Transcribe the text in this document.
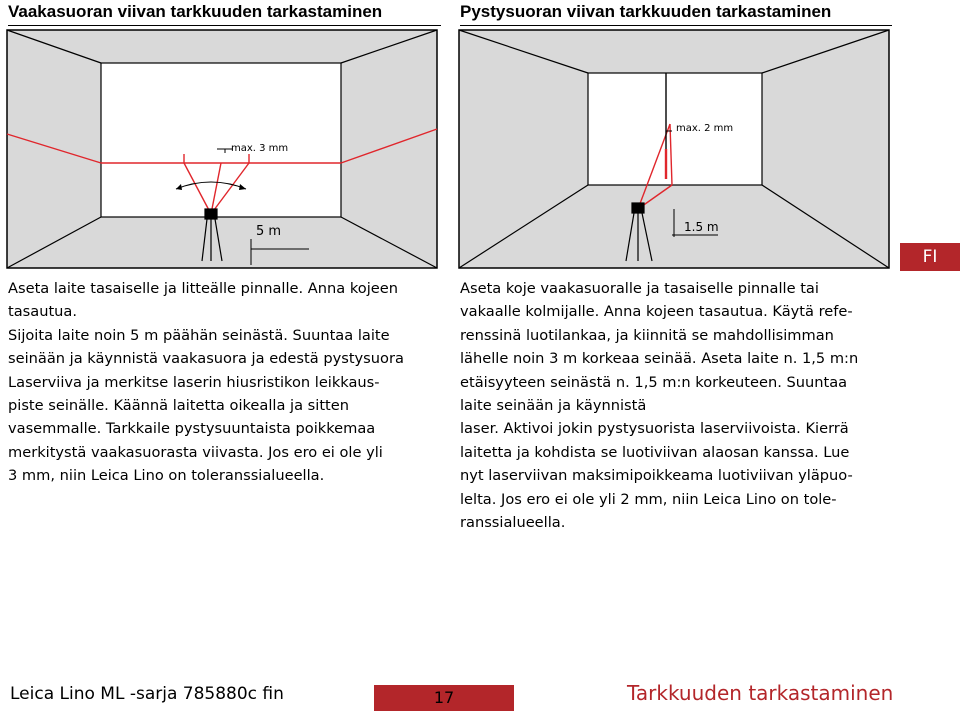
Vaakasuoran viivan tarkkuuden tarkastaminen	Pystysuoran viivan tarkkuuden tarkastaminen
5 m
max. 3 mm
1.5 m
max. 2 mm

Aseta laite tasaiselle ja litteälle pinnalle. Anna kojeen
tasautua.
Sijoita laite noin 5 m päähän seinästä. Suuntaa laite
seinään ja käynnistä vaakasuora ja edestä pystysuora
Laserviiva ja merkitse laserin hiusristikon leikkaus-
piste seinälle. Käännä laitetta oikealla ja sitten
vasemmalle. Tarkkaile pystysuuntaista poikkemaa
merkitystä vaakasuorasta viivasta. Jos ero ei ole yli
3 mm, niin Leica Lino on toleranssialueella.

Aseta koje vaakasuoralle ja tasaiselle pinnalle tai
vakaalle kolmijalle. Anna kojeen tasautua. Käytä refe-
renssinä luotilankaa, ja kiinnitä se mahdollisimman
lähelle noin 3 m korkeaa seinää. Aseta laite n. 1,5 m:n
etäisyyteen seinästä n. 1,5 m:n korkeuteen. Suuntaa
laite seinään ja käynnistä
laser. Aktivoi jokin pystysuorista laserviivoista. Kierrä
laitetta ja kohdista se luotiviivan alaosan kanssa. Lue
nyt laserviivan maksimipoikkeama luotiviivan yläpuo-
lelta. Jos ero ei ole yli 2 mm, niin Leica Lino on tole-
ranssialueella.

FI
Leica Lino ML -sarja 785880c fin	17	Tarkkuuden tarkastaminen
